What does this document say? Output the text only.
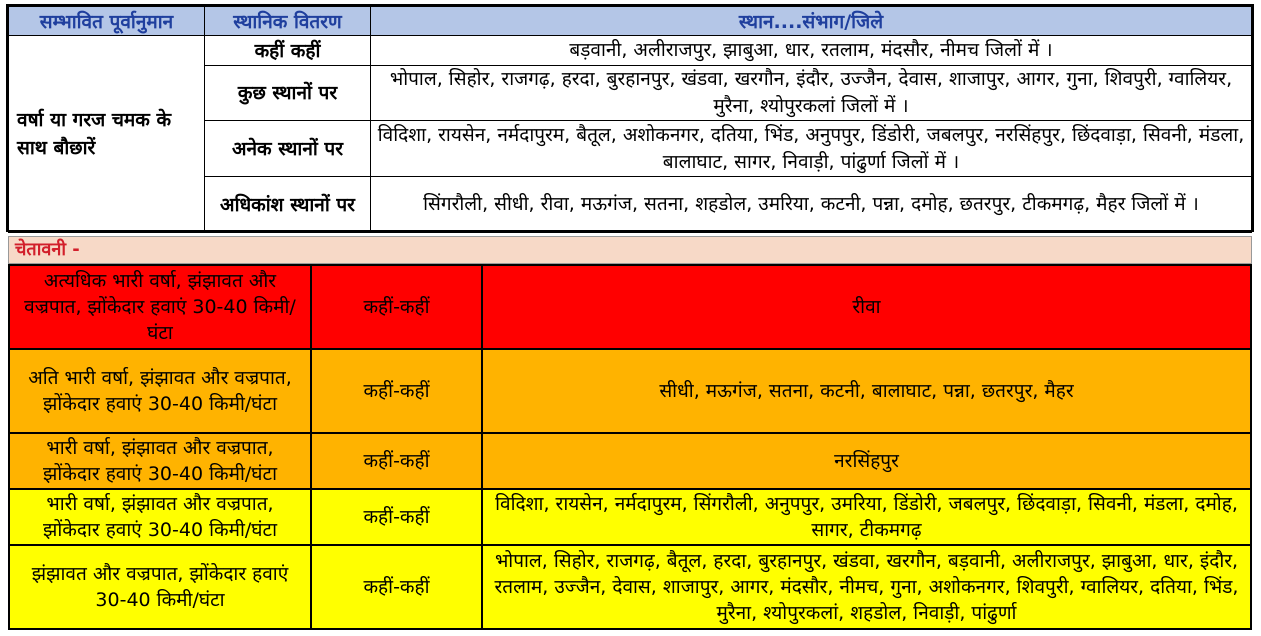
सम्भावित पूर्वानुमान	स्थानिक वितरण	स्थान....संभाग/जिले
वर्षा या गरज चमक के साथ बौछारें	कहीं कहीं	बड़वानी, अलीराजपुर, झाबुआ, धार, रतलाम, मंदसौर, नीमच जिलों में ।
	कुछ स्थानों पर	भोपाल, सिहोर, राजगढ़, हरदा, बुरहानपुर, खंडवा, खरगौन, इंदौर, उज्जैन, देवास, शाजापुर, आगर, गुना, शिवपुरी, ग्वालियर, मुरैना, श्योपुरकलां जिलों में ।
	अनेक स्थानों पर	विदिशा, रायसेन, नर्मदापुरम, बैतूल, अशोकनगर, दतिया, भिंड, अनुपपुर, डिंडोरी, जबलपुर, नरसिंहपुर, छिंदवाड़ा, सिवनी, मंडला, बालाघाट, सागर, निवाड़ी, पांढुर्णा जिलों में ।
	अधिकांश स्थानों पर	सिंगरौली, सीधी, रीवा, मऊगंज, सतना, शहडोल, उमरिया, कटनी, पन्ना, दमोह, छतरपुर, टीकमगढ़, मैहर जिलों में ।
चेतावनी -
अत्यधिक भारी वर्षा, झंझावत और वज्रपात, झोंकेदार हवाएं 30-40 किमी/घंटा	कहीं-कहीं	रीवा
अति भारी वर्षा, झंझावत और वज्रपात, झोंकेदार हवाएं 30-40 किमी/घंटा	कहीं-कहीं	सीधी, मऊगंज, सतना, कटनी, बालाघाट, पन्ना, छतरपुर, मैहर
भारी वर्षा, झंझावत और वज्रपात, झोंकेदार हवाएं 30-40 किमी/घंटा	कहीं-कहीं	नरसिंहपुर
भारी वर्षा, झंझावत और वज्रपात, झोंकेदार हवाएं 30-40 किमी/घंटा	कहीं-कहीं	विदिशा, रायसेन, नर्मदापुरम, सिंगरौली, अनुपपुर, उमरिया, डिंडोरी, जबलपुर, छिंदवाड़ा, सिवनी, मंडला, दमोह, सागर, टीकमगढ़
झंझावत और वज्रपात, झोंकेदार हवाएं 30-40 किमी/घंटा	कहीं-कहीं	भोपाल, सिहोर, राजगढ़, बैतूल, हरदा, बुरहानपुर, खंडवा, खरगौन, बड़वानी, अलीराजपुर, झाबुआ, धार, इंदौर, रतलाम, उज्जैन, देवास, शाजापुर, आगर, मंदसौर, नीमच, गुना, अशोकनगर, शिवपुरी, ग्वालियर, दतिया, भिंड, मुरैना, श्योपुरकलां, शहडोल, निवाड़ी, पांढुर्णा
